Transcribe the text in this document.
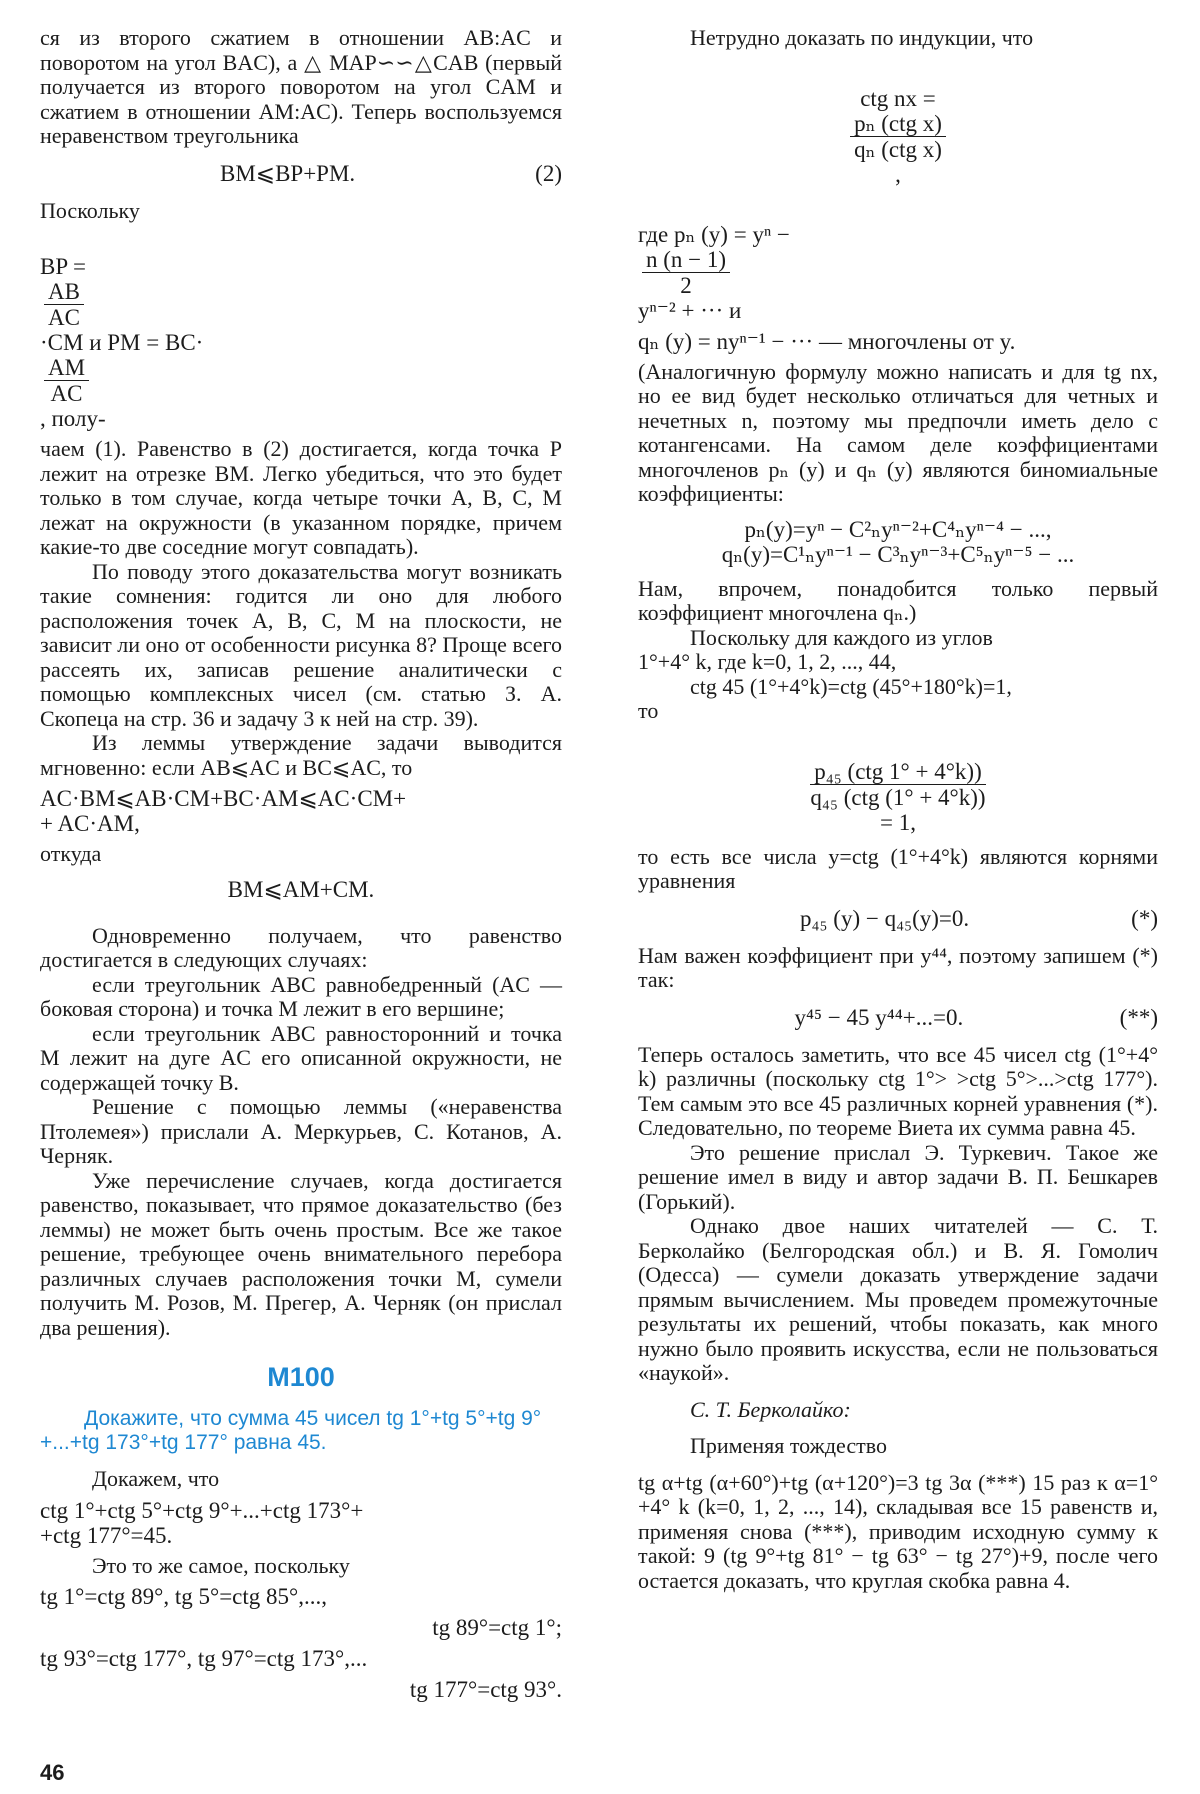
ся из второго сжатием в отношении AB:AC и поворотом на угол BAC), а △ MAP∽∽△CAB (первый получается из второго поворотом на угол CAM и сжатием в отношении AM:AC). Теперь воспользуемся неравенством треугольника

BM⩽BP+PM.	(2)

Поскольку

BP =

$\frac{AB}{AC}$

·CM и PM = BC·

$\frac{AM}{AC}$

, полу-

чаем (1). Равенство в (2) достигается, когда точка P лежит на отрезке BM. Легко убедиться, что это будет только в том случае, когда четыре точки A, B, C, M лежат на окружности (в указанном порядке, причем какие-то две соседние могут совпадать).

По поводу этого доказательства могут возникать такие сомнения: годится ли оно для любого расположения точек A, B, C, M на плоскости, не зависит ли оно от особенности рисунка 8? Проще всего рассеять их, записав решение аналитически с помощью комплексных чисел (см. статью З. А. Скопеца на стр. 36 и задачу 3 к ней на стр. 39).

Из леммы утверждение задачи выводится мгновенно: если AB⩽AC и BC⩽AC, то

AC·BM⩽AB·CM+BC·AM⩽AC·CM+
+ AC·AM,

откуда

BM⩽AM+CM.

Одновременно получаем, что равенство достигается в следующих случаях:

если треугольник ABC равнобедренный (AC — боковая сторона) и точка M лежит в его вершине;

если треугольник ABC равносторонний и точка M лежит на дуге AC его описанной окружности, не содержащей точку B.

Решение с помощью леммы («неравенства Птолемея») прислали А. Меркурьев, С. Котанов, А. Черняк.

Уже перечисление случаев, когда достигается равенство, показывает, что прямое доказательство (без леммы) не может быть очень простым. Все же такое решение, требующее очень внимательного перебора различных случаев расположения точки M, сумели получить М. Розов, М. Прегер, А. Черняк (он прислал два решения).

M100
Докажите, что сумма 45 чисел tg 1°+tg 5°+tg 9°+...+tg 173°+tg 177° равна 45.

Докажем, что

ctg 1°+ctg 5°+ctg 9°+...+ctg 173°+
+ctg 177°=45.

Это то же самое, поскольку

tg 1°=ctg 89°, tg 5°=ctg 85°,...,
tg 89°=ctg 1°;
tg 93°=ctg 177°, tg 97°=ctg 173°,...
tg 177°=ctg 93°.

Нетрудно доказать по индукции, что

ctg nx =

$\frac{\text{pₙ (ctg x)}}{\text{qₙ (ctg x)}}$

,

где pₙ (y) = yⁿ −

$\frac{n (n - 1)}{2}$

yⁿ⁻² + ··· и

qₙ (y) = nyⁿ⁻¹ − ··· — многочлены от y.

(Аналогичную формулу можно написать и для tg nx, но ее вид будет несколько отличаться для четных и нечетных n, поэтому мы предпочли иметь дело с котангенсами. На самом деле коэффициентами многочленов pₙ (y) и qₙ (y) являются биномиальные коэффициенты:

pₙ(y)=yⁿ − C²ₙyⁿ⁻²+C⁴ₙyⁿ⁻⁴ − ...,
qₙ(y)=C¹ₙyⁿ⁻¹ − C³ₙyⁿ⁻³+C⁵ₙyⁿ⁻⁵ − ...

Нам, впрочем, понадобится только первый коэффициент многочлена qₙ.)

Поскольку для каждого из углов

1°+4° k, где k=0, 1, 2, ..., 44,

ctg 45 (1°+4°k)=ctg (45°+180°k)=1,

то

$\frac{\text{p₄₅ (ctg 1° + 4°k))}}{\text{q₄₅ (ctg (1° + 4°k))}}$

= 1,

то есть все числа y=ctg (1°+4°k) являются корнями уравнения

p₄₅ (y) − q₄₅(y)=0.	(*)

Нам важен коэффициент при y⁴⁴, поэтому запишем (*) так:

y⁴⁵ − 45 y⁴⁴+...=0.	(**)

Теперь осталось заметить, что все 45 чисел ctg (1°+4° k) различны (поскольку ctg 1°> >ctg 5°>...>ctg 177°). Тем самым это все 45 различных корней уравнения (*). Следовательно, по теореме Виета их сумма равна 45.

Это решение прислал Э. Туркевич. Такое же решение имел в виду и автор задачи В. П. Бешкарев (Горький).

Однако двое наших читателей — С. Т. Берколайко (Белгородская обл.) и В. Я. Гомолич (Одесса) — сумели доказать утверждение задачи прямым вычислением. Мы проведем промежуточные результаты их решений, чтобы показать, как много нужно было проявить искусства, если не пользоваться «наукой».

С. Т. Берколайко:

Применяя тождество

tg α+tg (α+60°)+tg (α+120°)=3 tg 3α (***) 15 раз к α=1°+4° k (k=0, 1, 2, ..., 14), складывая все 15 равенств и, применяя снова (***), приводим исходную сумму к такой: 9 (tg 9°+tg 81° − tg 63° − tg 27°)+9, после чего остается доказать, что круглая скобка равна 4.

46
